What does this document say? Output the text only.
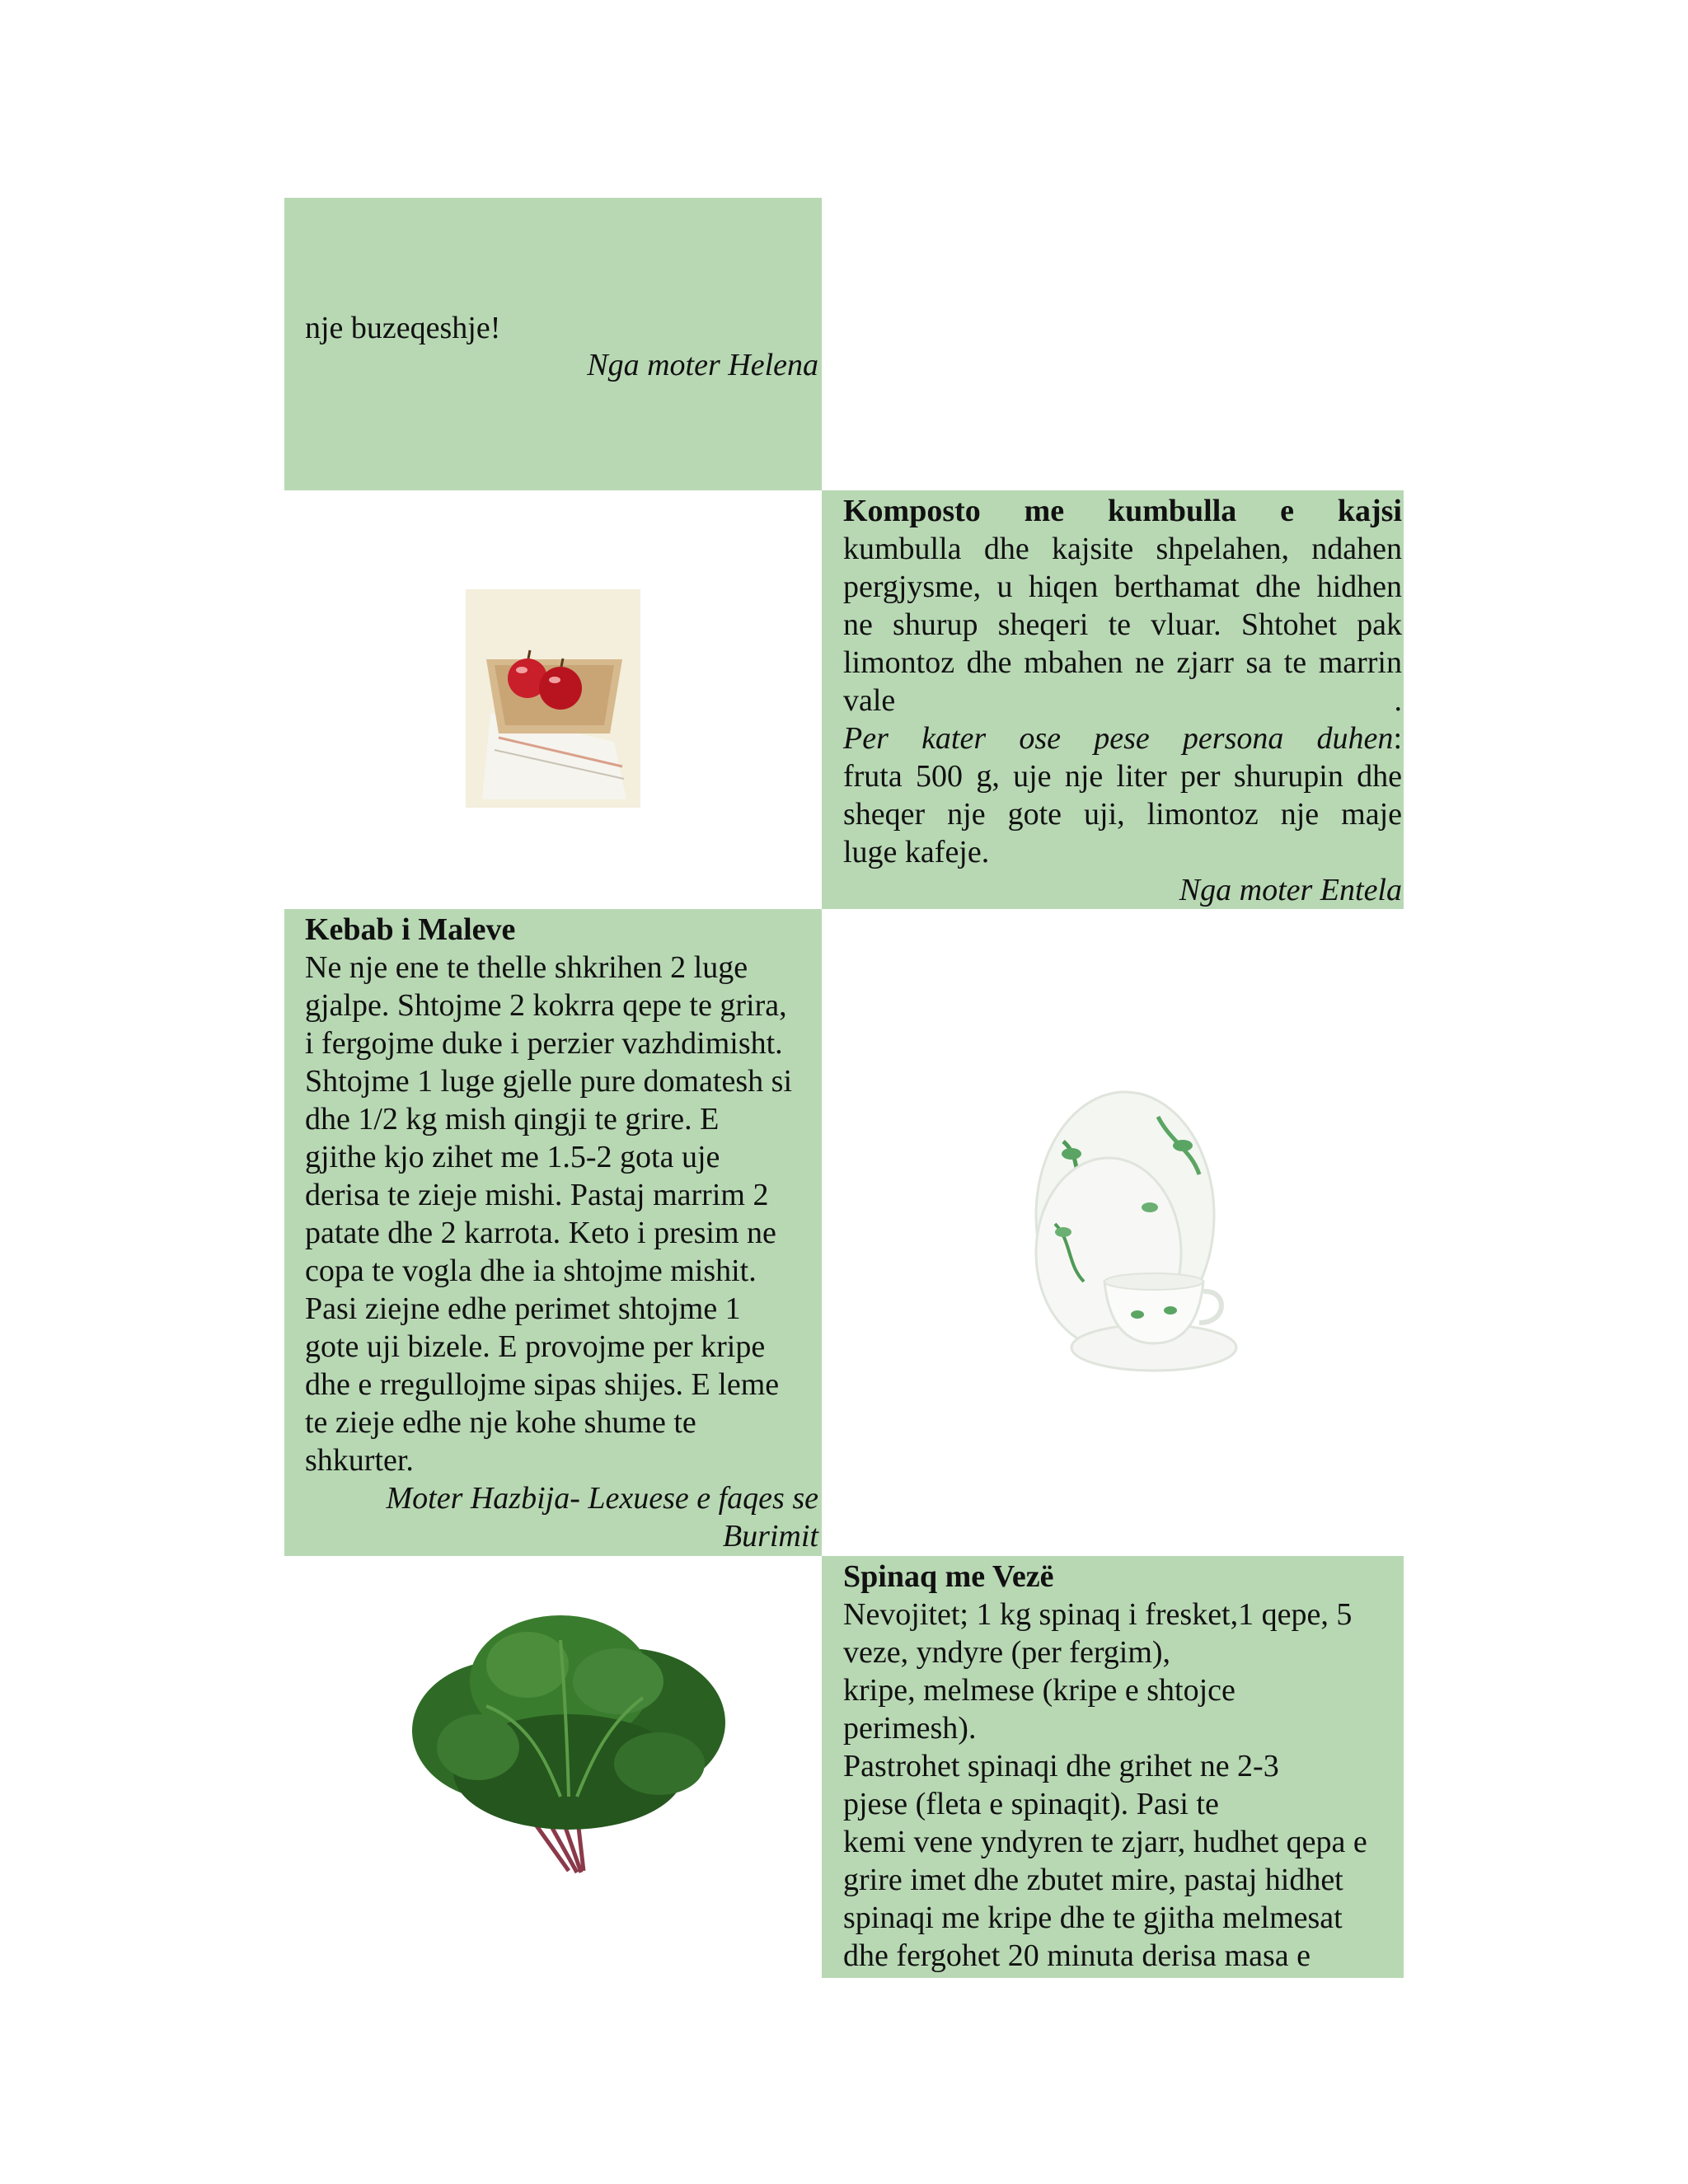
nje buzeqeshje!
Nga moter Helena
Komposto me kumbulla e kajsi
kumbulla dhe kajsite shpelahen, ndahen
pergjysme, u hiqen berthamat dhe hidhen
ne shurup sheqeri te vluar. Shtohet pak
limontoz dhe mbahen ne zjarr sa te marrin
vale .
Per kater ose pese persona duhen:
fruta 500 g, uje nje liter per shurupin dhe
sheqer nje gote uji, limontoz nje maje
luge kafeje.
Nga moter Entela
Kebab i Maleve
Ne nje ene te thelle shkrihen 2 luge
gjalpe. Shtojme 2 kokrra qepe te grira,
i fergojme duke i perzier vazhdimisht.
Shtojme 1 luge gjelle pure domatesh si
dhe 1/2 kg mish qingji te grire. E
gjithe kjo zihet me 1.5-2 gota uje
derisa te zieje mishi. Pastaj marrim 2
patate dhe 2 karrota. Keto i presim ne
copa te vogla dhe ia shtojme mishit.
Pasi ziejne edhe perimet shtojme 1
gote uji bizele. E provojme per kripe
dhe e rregullojme sipas shijes. E leme
te zieje edhe nje kohe shume te
shkurter.
Moter Hazbija- Lexuese e faqes se
Burimit
Spinaq me Vezë
Nevojitet; 1 kg spinaq i fresket,1 qepe, 5
veze, yndyre (per fergim),
kripe, melmese (kripe e shtojce
perimesh).
Pastrohet spinaqi dhe grihet ne 2-3
pjese (fleta e spinaqit). Pasi te
kemi vene yndyren te zjarr, hudhet qepa e
grire imet dhe zbutet mire, pastaj hidhet
spinaqi me kripe dhe te gjitha melmesat
dhe fergohet 20 minuta derisa masa e
